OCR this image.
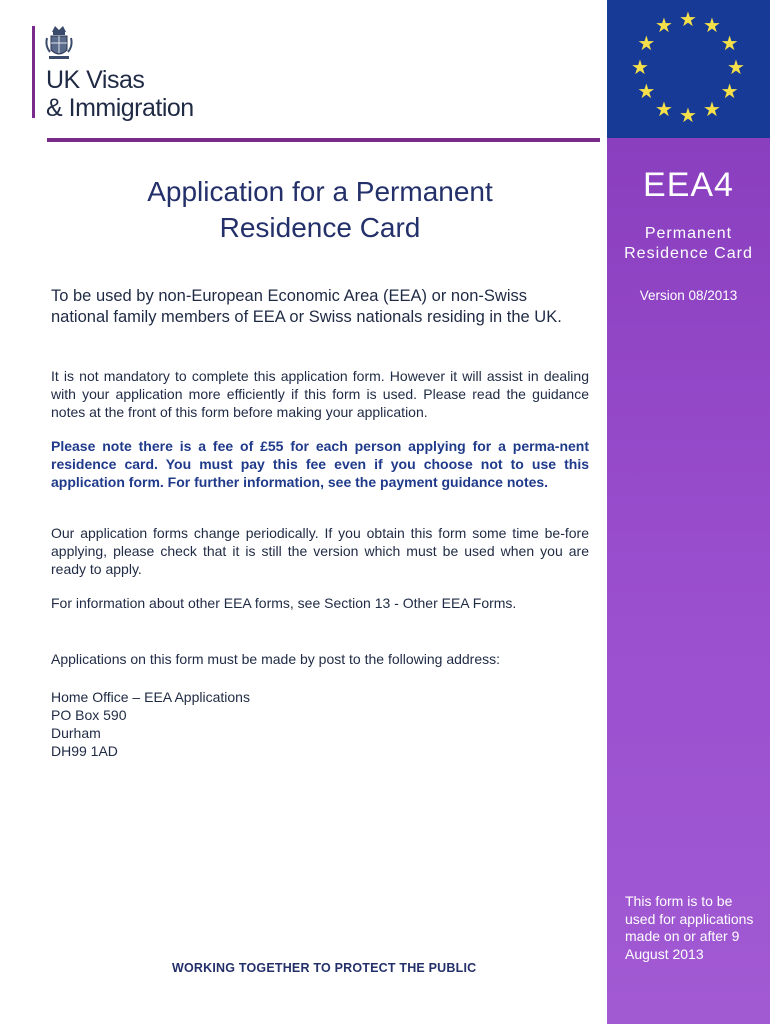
UK Visas
& Immigration
Application for a Permanent
Residence Card
To be used by non-European Economic Area (EEA) or non-Swiss national family members of EEA or Swiss nationals residing in the UK.
It is not mandatory to complete this application form. However it will assist in dealing with your application more efficiently if this form is used. Please read the guidance notes at the front of this form before making your application.
Please note there is a fee of £55 for each person applying for a perma-nent residence card. You must pay this fee even if you choose not to use this application form. For further information, see the payment guidance notes.
Our application forms change periodically. If you obtain this form some time be-fore applying, please check that it is still the version which must be used when you are ready to apply.
For information about other EEA forms, see Section 13 - Other EEA Forms.
Applications on this form must be made by post to the following address:
Home Office – EEA Applications
PO Box 590
Durham
DH99 1AD
WORKING TOGETHER TO PROTECT THE PUBLIC
★ ★
★
★
★
★
★
★
★
★
★
★
EEA4
Permanent
Residence Card
Version 08/2013
This form is to be used for applications made on or after 9 August 2013
